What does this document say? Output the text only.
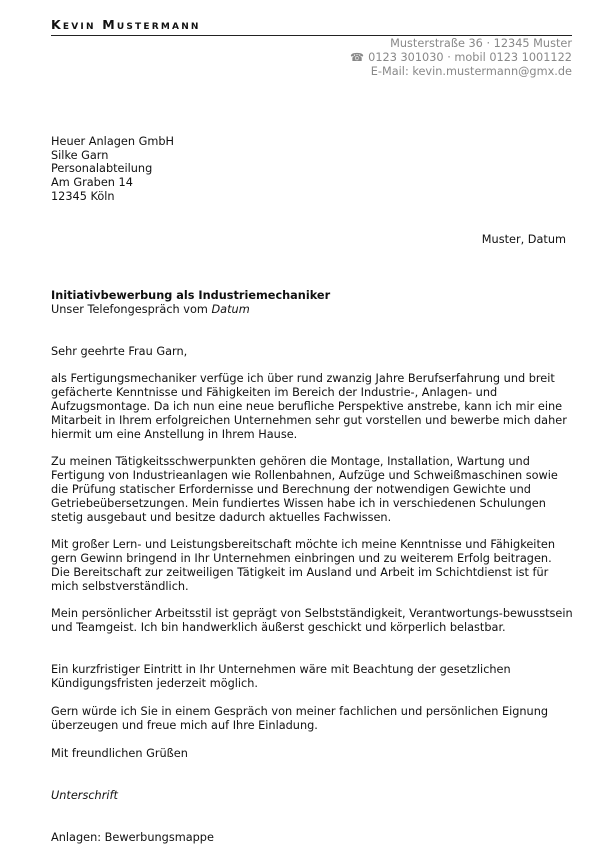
Kevin Mustermann
Musterstraße 36 · 12345 Muster
☎ 0123 301030 · mobil 0123 1001122
E-Mail: kevin.mustermann@gmx.de
Heuer Anlagen GmbH
Silke Garn
Personalabteilung
Am Graben 14
12345 Köln
Muster, Datum
Initiativbewerbung als Industriemechaniker
Unser Telefongespräch vom Datum
Sehr geehrte Frau Garn,
als Fertigungsmechaniker verfüge ich über rund zwanzig Jahre Berufserfahrung und breit gefächerte Kenntnisse und Fähigkeiten im Bereich der Industrie-, Anlagen- und Aufzugsmontage. Da ich nun eine neue berufliche Perspektive anstrebe, kann ich mir eine Mitarbeit in Ihrem erfolgreichen Unternehmen sehr gut vorstellen und bewerbe mich daher hiermit um eine Anstellung in Ihrem Hause.
Zu meinen Tätigkeitsschwerpunkten gehören die Montage, Installation, Wartung und Fertigung von Industrieanlagen wie Rollenbahnen, Aufzüge und Schweißmaschinen sowie die Prüfung statischer Erfordernisse und Berechnung der notwendigen Gewichte und Getriebeübersetzungen. Mein fundiertes Wissen habe ich in verschiedenen Schulungen stetig ausgebaut und besitze dadurch aktuelles Fachwissen.
Mit großer Lern- und Leistungsbereitschaft möchte ich meine Kenntnisse und Fähigkeiten gern Gewinn bringend in Ihr Unternehmen einbringen und zu weiterem Erfolg beitragen. Die Bereitschaft zur zeitweiligen Tätigkeit im Ausland und Arbeit im Schichtdienst ist für mich selbstverständlich.
Mein persönlicher Arbeitsstil ist geprägt von Selbstständigkeit, Verantwortungs-bewusstsein und Teamgeist. Ich bin handwerklich äußerst geschickt und körperlich belastbar.
Ein kurzfristiger Eintritt in Ihr Unternehmen wäre mit Beachtung der gesetzlichen Kündigungsfristen jederzeit möglich.
Gern würde ich Sie in einem Gespräch von meiner fachlichen und persönlichen Eignung überzeugen und freue mich auf Ihre Einladung.
Mit freundlichen Grüßen
Unterschrift
Anlagen: Bewerbungsmappe
